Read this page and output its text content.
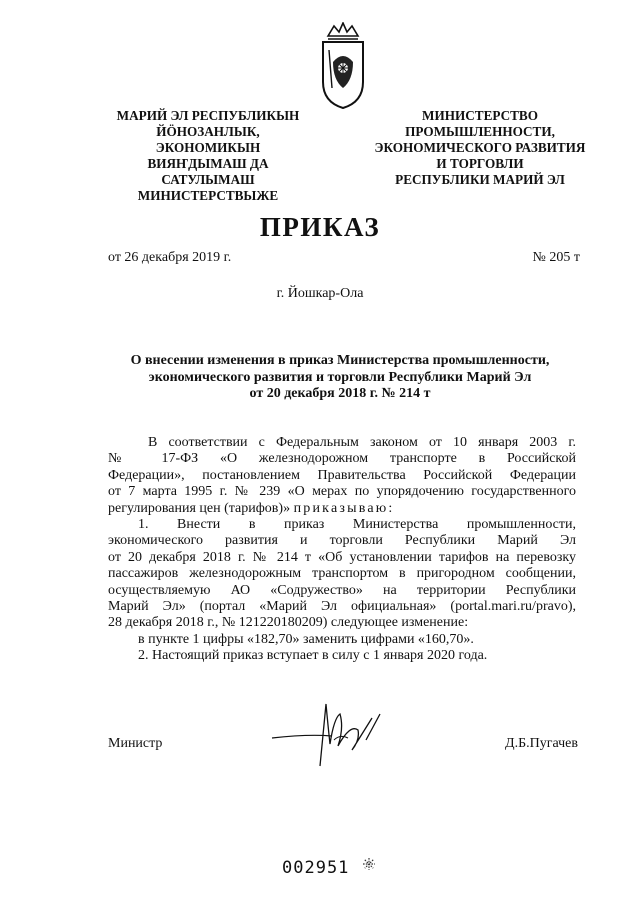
МАРИЙ ЭЛ РЕСПУБЛИКЫН
ЙӦНОЗАНЛЫК, ЭКОНОМИКЫН
ВИЯҤДЫМАШ ДА
САТУЛЫМАШ
МИНИСТЕРСТВЫЖЕ
МИНИСТЕРСТВО
ПРОМЫШЛЕННОСТИ,
ЭКОНОМИЧЕСКОГО РАЗВИТИЯ
И ТОРГОВЛИ
РЕСПУБЛИКИ МАРИЙ ЭЛ
ПРИКАЗ
от 26 декабря 2019 г.	№ 205 т
г. Йошкар-Ола
О внесении изменения в приказ Министерства промышленности,
экономического развития и торговли Республики Марий Эл
от 20 декабря 2018 г. № 214 т

В соответствии с Федеральным законом от 10 января 2003 г.

№ 17-ФЗ «О железнодорожном транспорте в Российской

Федерации», постановлением Правительства Российской Федерации

от 7 марта 1995 г. № 239 «О мерах по упорядочению государственного

регулирования цен (тарифов)» приказываю:

1. Внести в приказ Министерства промышленности,

экономического развития и торговли Республики Марий Эл

от 20 декабря 2018 г. № 214 т «Об установлении тарифов на перевозку

пассажиров железнодорожным транспортом в пригородном сообщении,

осуществляемую АО «Содружество» на территории Республики

Марий Эл» (портал «Марий Эл официальная» (portal.mari.ru/pravo),

28 декабря 2018 г., № 121220180209) следующее изменение:

в пункте 1 цифры «182,70» заменить цифрами «160,70».

2. Настоящий приказ вступает в силу с 1 января 2020 года.

Министр	Д.Б.Пугачев
002951
